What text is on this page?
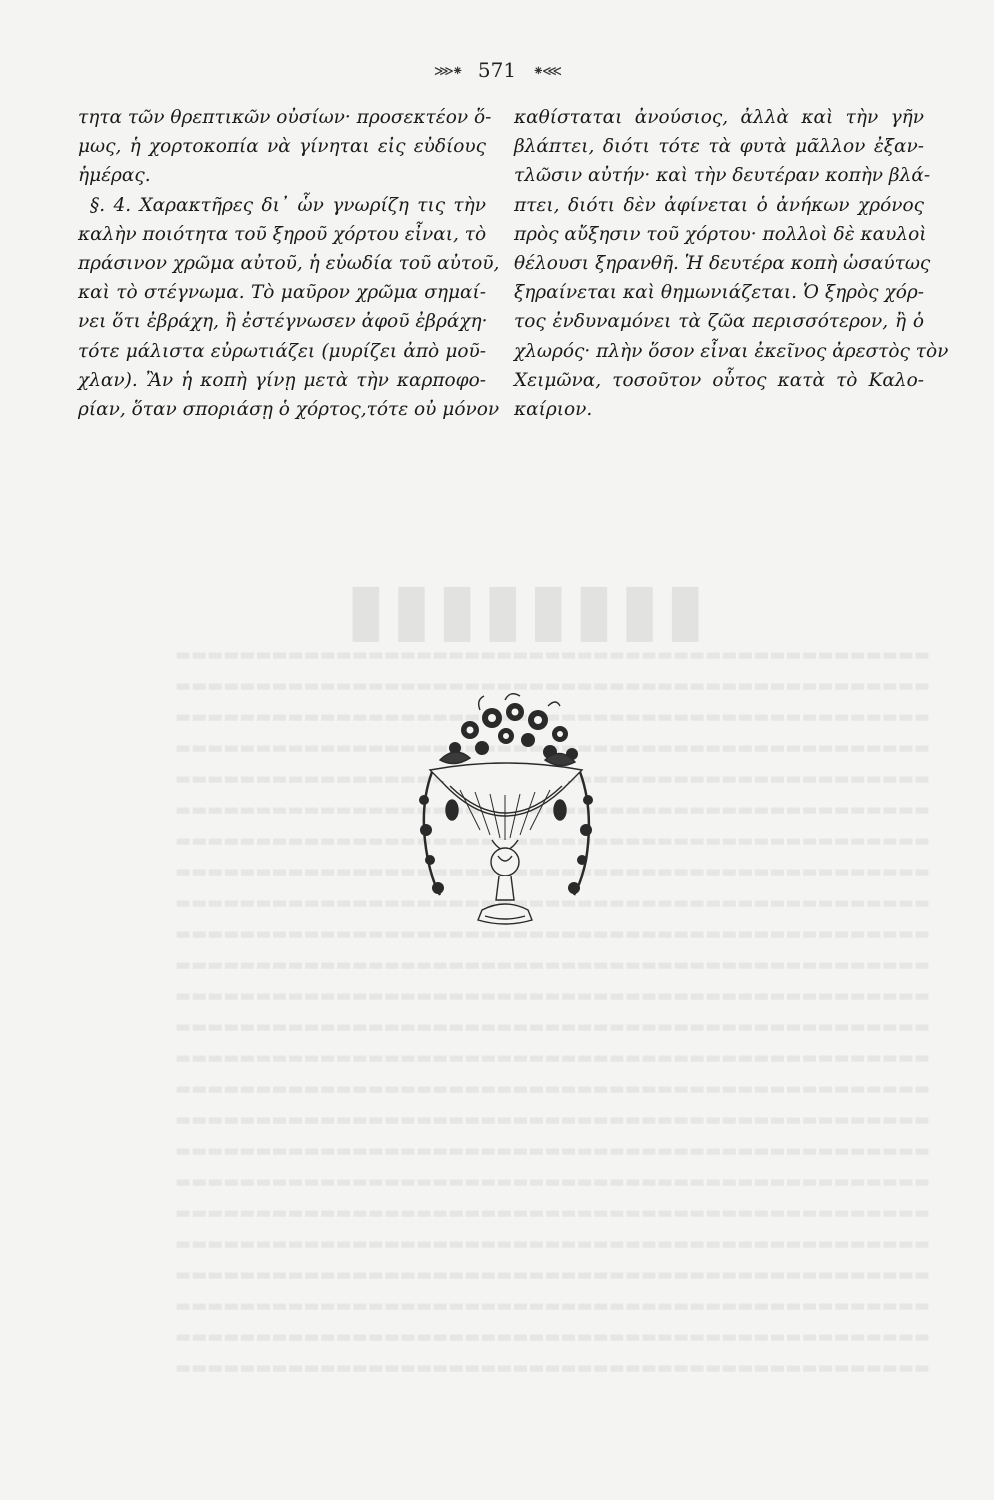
▮▮▮▮▮▮▮▮
▬▬▬▬▬▬▬▬▬▬▬▬▬▬▬▬▬▬▬▬▬▬▬▬▬▬▬▬▬▬▬▬▬▬▬▬▬▬▬▬▬▬▬▬▬▬▬
▬▬▬▬▬▬▬▬▬▬▬▬▬▬▬▬▬▬▬▬▬▬▬▬▬▬▬▬▬▬▬▬▬▬▬▬▬▬▬▬▬▬▬▬▬▬▬
▬▬▬▬▬▬▬▬▬▬▬▬▬▬▬▬▬▬▬▬▬▬▬▬▬▬▬▬▬▬▬▬▬▬▬▬▬▬▬▬▬▬▬▬▬▬▬

▬▬▬▬▬▬▬▬▬▬▬▬▬▬▬▬▬▬▬▬▬▬▬▬▬▬▬▬▬▬▬▬▬▬▬▬▬▬▬▬▬▬▬▬▬▬▬
▬▬▬▬▬▬▬▬▬▬▬▬▬▬▬▬▬▬▬▬▬▬▬▬▬▬▬▬▬▬▬▬▬▬▬▬▬▬▬▬▬▬▬▬▬▬▬
▬▬▬▬▬▬▬▬▬▬▬▬▬▬▬▬▬▬▬▬▬▬▬▬▬▬▬▬▬▬▬▬▬▬▬▬▬▬▬▬▬▬▬▬▬▬▬
▬▬▬▬▬▬▬▬▬▬▬▬▬▬▬▬▬▬▬▬▬▬▬▬▬▬▬▬▬▬▬▬▬▬▬▬▬▬▬▬▬▬▬▬▬▬▬
▬▬▬▬▬▬▬▬▬▬▬▬▬▬▬▬▬▬▬▬▬▬▬▬▬▬▬▬▬▬▬▬▬▬▬▬▬▬▬▬▬▬▬▬▬▬▬
▬▬▬▬▬▬▬▬▬▬▬▬▬▬▬▬▬▬▬▬▬▬▬▬▬▬▬▬▬▬▬▬▬▬▬▬▬▬▬▬▬▬▬▬▬▬▬
▬▬▬▬▬▬▬▬▬▬▬▬▬▬▬▬▬▬▬▬▬▬▬▬▬▬▬▬▬▬▬▬▬▬▬▬▬▬▬▬▬▬▬▬▬▬▬
▬▬▬▬▬▬▬▬▬▬▬▬▬▬▬▬▬▬▬▬▬▬▬▬▬▬▬▬▬▬▬▬▬▬▬▬▬▬▬▬▬▬▬▬▬▬▬
▬▬▬▬▬▬▬▬▬▬▬▬▬▬▬▬▬▬▬▬▬▬▬▬▬▬▬▬▬▬▬▬▬▬▬▬▬▬▬▬▬▬▬▬▬▬▬
▬▬▬▬▬▬▬▬▬▬▬▬▬▬▬▬▬▬▬▬▬▬▬▬▬▬▬▬▬▬▬▬▬▬▬▬▬▬▬▬▬▬▬▬▬▬▬
▬▬▬▬▬▬▬▬▬▬▬▬▬▬▬▬▬▬▬▬▬▬▬▬▬▬▬▬▬▬▬▬▬▬▬▬▬▬▬▬▬▬▬▬▬▬▬
▬▬▬▬▬▬▬▬▬▬▬▬▬▬▬▬▬▬▬▬▬▬▬▬▬▬▬▬▬▬▬▬▬▬▬▬▬▬▬▬▬▬▬▬▬▬▬
▬▬▬▬▬▬▬▬▬▬▬▬▬▬▬▬▬▬▬▬▬▬▬▬▬▬▬▬▬▬▬▬▬▬▬▬▬▬▬▬▬▬▬▬▬▬▬
▬▬▬▬▬▬▬▬▬▬▬▬▬▬▬▬▬▬▬▬▬▬▬▬▬▬▬▬▬▬▬▬▬▬▬▬▬▬▬▬▬▬▬▬▬▬▬
▬▬▬▬▬▬▬▬▬▬▬▬▬▬▬▬▬▬▬▬▬▬▬▬▬▬▬▬▬▬▬▬▬▬▬▬▬▬▬▬▬▬▬▬▬▬▬
▬▬▬▬▬▬▬▬▬▬▬▬▬▬▬▬▬▬▬▬▬▬▬▬▬▬▬▬▬▬▬▬▬▬▬▬▬▬▬▬▬▬▬▬▬▬▬
▬▬▬▬▬▬▬▬▬▬▬▬▬▬▬▬▬▬▬▬▬▬▬▬▬▬▬▬▬▬▬▬▬▬▬▬▬▬▬▬▬▬▬▬▬▬▬
▬▬▬▬▬▬▬▬▬▬▬▬▬▬▬▬▬▬▬▬▬▬▬▬▬▬▬▬▬▬▬▬▬▬▬▬▬▬▬▬▬▬▬▬▬▬▬
▬▬▬▬▬▬▬▬▬▬▬▬▬▬▬▬▬▬▬▬▬▬▬▬▬▬▬▬▬▬▬▬▬▬▬▬▬▬▬▬▬▬▬▬▬▬▬
⋙⁕ 571 ⁕⋘
τητα τῶν θρεπτικῶν οὐσίων· προσεκτέον ὅ-
μως, ἡ χορτοκοπία νὰ γίνηται εἰς εὐδίους
ἡμέρας.
§. 4. Χαρακτῆρες δι᾽ ὧν γνωρίζη τις τὴν
καλὴν ποιότητα τοῦ ξηροῦ χόρτου εἶναι, τὸ
πράσινον χρῶμα αὐτοῦ, ἡ εὐωδία τοῦ αὐτοῦ,
καὶ τὸ στέγνωμα. Τὸ μαῦρον χρῶμα σημαί-
νει ὅτι ἐβράχη, ἢ ἐστέγνωσεν ἀφοῦ ἐβράχη·
τότε μάλιστα εὐρωτιάζει (μυρίζει ἀπὸ μοῦ-
χλαν). Ἂν ἡ κοπὴ γίνῃ μετὰ τὴν καρποφο-
ρίαν, ὅταν σποριάσῃ ὁ χόρτος,τότε οὐ μόνον
καθίσταται ἀνούσιος, ἀλλὰ καὶ τὴν γῆν
βλάπτει, διότι τότε τὰ φυτὰ μᾶλλον ἐξαν-
τλῶσιν αὐτήν· καὶ τὴν δευτέραν κοπὴν βλά-
πτει, διότι δὲν ἀφίνεται ὁ ἀνήκων χρόνος
πρὸς αὔξησιν τοῦ χόρτου· πολλοὶ δὲ καυλοὶ
θέλουσι ξηρανθῆ. Ἡ δευτέρα κοπὴ ὡσαύτως
ξηραίνεται καὶ θημωνιάζεται. Ὁ ξηρὸς χόρ-
τος ἐνδυναμόνει τὰ ζῶα περισσότερον, ἢ ὁ
χλωρός· πλὴν ὅσον εἶναι ἐκεῖνος ἀρεστὸς τὸν
Χειμῶνα, τοσοῦτον οὗτος κατὰ τὸ Καλο-
καίριον.
